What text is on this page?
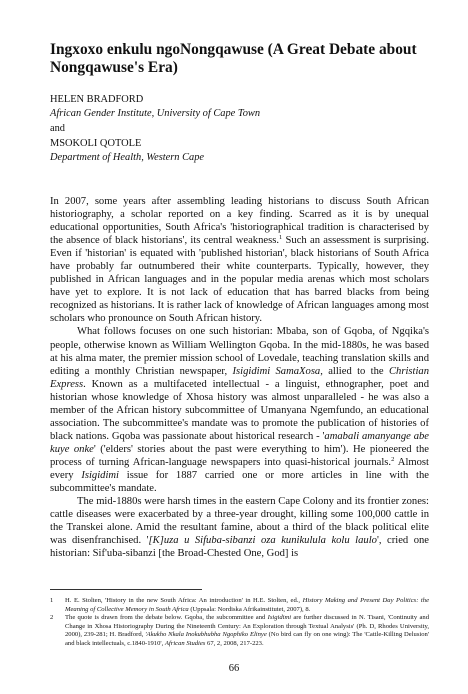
Ingxoxo enkulu ngoNongqawuse (A Great Debate about Nongqawuse's Era)
HELEN BRADFORD
African Gender Institute, University of Cape Town
and
MSOKOLI QOTOLE
Department of Health, Western Cape

In 2007, some years after assembling leading historians to discuss South African historiography, a scholar reported on a key finding. Scarred as it is by unequal educational opportunities, South Africa's 'historiographical tradition is characterised by the absence of black historians', its central weakness.$^1$ Such an assessment is surprising. Even if 'historian' is equated with 'published historian', black historians of South Africa have probably far outnumbered their white counterparts. Typically, however, they published in African languages and in the popular media arenas which most scholars have yet to explore. It is not lack of education that has barred blacks from being recognized as historians. It is rather lack of knowledge of African languages among most scholars who pronounce on South African history.

What follows focuses on one such historian: Mbaba, son of Gqoba, of Ngqika's people, otherwise known as William Wellington Gqoba. In the mid-1880s, he was based at his alma mater, the premier mission school of Lovedale, teaching translation skills and editing a monthly Christian newspaper, Isigidimi SamaXosa, allied to the Christian Express. Known as a multifaceted intellectual - a linguist, ethnographer, poet and historian whose knowledge of Xhosa history was almost unparalleled - he was also a member of the African history subcommittee of Umanyana Ngemfundo, an educational association. The subcommittee's mandate was to promote the publication of histories of black nations. Gqoba was passionate about historical research - 'amabali amanyange abe kuye onke' ('elders' stories about the past were everything to him'). He pioneered the process of turning African-language newspapers into quasi-historical journals.$^2$ Almost every Isigidimi issue for 1887 carried one or more articles in line with the subcommittee's mandate.

The mid-1880s were harsh times in the eastern Cape Colony and its frontier zones: cattle diseases were exacerbated by a three-year drought, killing some 100,000 cattle in the Transkei alone. Amid the resultant famine, about a third of the black political elite was disenfranchised. '[K]uza u Sifuba-sibanzi oza kunikulula kolu laulo', cried one historian: Sif'uba-sibanzi [the Broad-Chested One, God] is

1 H. E. Stolten, 'History in the new South Africa: An introduction' in H.E. Stolten, ed., History Making and Present Day Politics: the Meaning of Collective Memory in South Africa (Uppsala: Nordiska Afrikainstitutet, 2007), 8.
2 The quote is drawn from the debate below. Gqoba, the subcommittee and Isigidimi are further discussed in N. Tisani, 'Continuity and Change in Xhosa Historiography During the Nineteenth Century: An Exploration through Textual Analysis' (Ph. D, Rhodes University, 2000), 239-281; H. Bradford, 'Akukho Nkala Inokubhubha Ngophiko Elinye (No bird can fly on one wing): The 'Cattle-Killing Delusion' and black intellectuals, c.1840-1910', African Studies 67, 2, 2008, 217-223.
66
